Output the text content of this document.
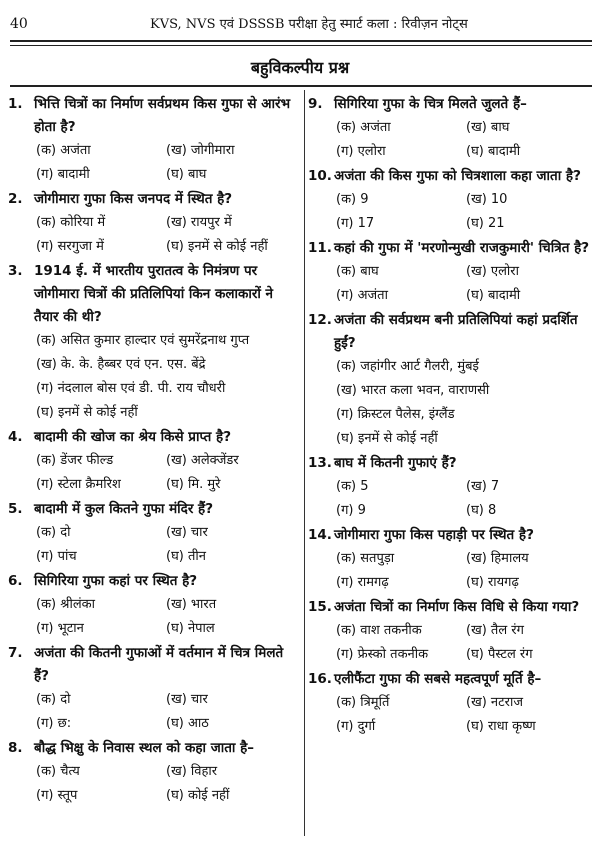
40	KVS, NVS एवं DSSSB परीक्षा हेतु स्मार्ट कला : रिवीज़न नोट्स
बहुविकल्पीय प्रश्न
1. भित्ति चित्रों का निर्माण सर्वप्रथम किस गुफा से आरंभ होता है?
(क) अजंता	(ख) जोगीमारा
(ग) बादामी	(घ) बाघ
2. जोगीमारा गुफा किस जनपद में स्थित है?
(क) कोरिया में	(ख) रायपुर में
(ग) सरगुजा में	(घ) इनमें से कोई नहीं
3. 1914 ई. में भारतीय पुरातत्व के निमंत्रण पर जोगीमारा चित्रों की प्रतिलिपियां किन कलाकारों ने तैयार की थी?
(क) असित कुमार हाल्दार एवं सुमरेंद्रनाथ गुप्त
(ख) के. के. हैब्बर एवं एन. एस. बेंद्रे
(ग) नंदलाल बोस एवं डी. पी. राय चौधरी
(घ) इनमें से कोई नहीं
4. बादामी की खोज का श्रेय किसे प्राप्त है?
(क) डेंजर फील्ड	(ख) अलेक्जेंडर
(ग) स्टेला क्रैमरिश	(घ) मि. मुरे
5. बादामी में कुल कितने गुफा मंदिर हैं?
(क) दो	(ख) चार
(ग) पांच	(घ) तीन
6. सिगिरिया गुफा कहां पर स्थित है?
(क) श्रीलंका	(ख) भारत
(ग) भूटान	(घ) नेपाल
7. अजंता की कितनी गुफाओं में वर्तमान में चित्र मिलते हैं?
(क) दो	(ख) चार
(ग) छ:	(घ) आठ
8. बौद्ध भिक्षु के निवास स्थल को कहा जाता है–
(क) चैत्य	(ख) विहार
(ग) स्तूप	(घ) कोई नहीं
9. सिगिरिया गुफा के चित्र मिलते जुलते हैं–
(क) अजंता	(ख) बाघ
(ग) एलोरा	(घ) बादामी
10. अजंता की किस गुफा को चित्रशाला कहा जाता है?
(क) 9	(ख) 10
(ग) 17	(घ) 21
11. कहां की गुफा में 'मरणोन्मुखी राजकुमारी' चित्रित है?
(क) बाघ	(ख) एलोरा
(ग) अजंता	(घ) बादामी
12. अजंता की सर्वप्रथम बनी प्रतिलिपियां कहां प्रदर्शित हुईं?
(क) जहांगीर आर्ट गैलरी, मुंबई
(ख) भारत कला भवन, वाराणसी
(ग) क्रिस्टल पैलेस, इंग्लैंड
(घ) इनमें से कोई नहीं
13. बाघ में कितनी गुफाएं हैं?
(क) 5	(ख) 7
(ग) 9	(घ) 8
14. जोगीमारा गुफा किस पहाड़ी पर स्थित है?
(क) सतपुड़ा	(ख) हिमालय
(ग) रामगढ़	(घ) रायगढ़
15. अजंता चित्रों का निर्माण किस विधि से किया गया?
(क) वाश तकनीक	(ख) तैल रंग
(ग) फ्रेस्को तकनीक	(घ) पैस्टल रंग
16. एलीफैंटा गुफा की सबसे महत्वपूर्ण मूर्ति है–
(क) त्रिमूर्ति	(ख) नटराज
(ग) दुर्गा	(घ) राधा कृष्ण
